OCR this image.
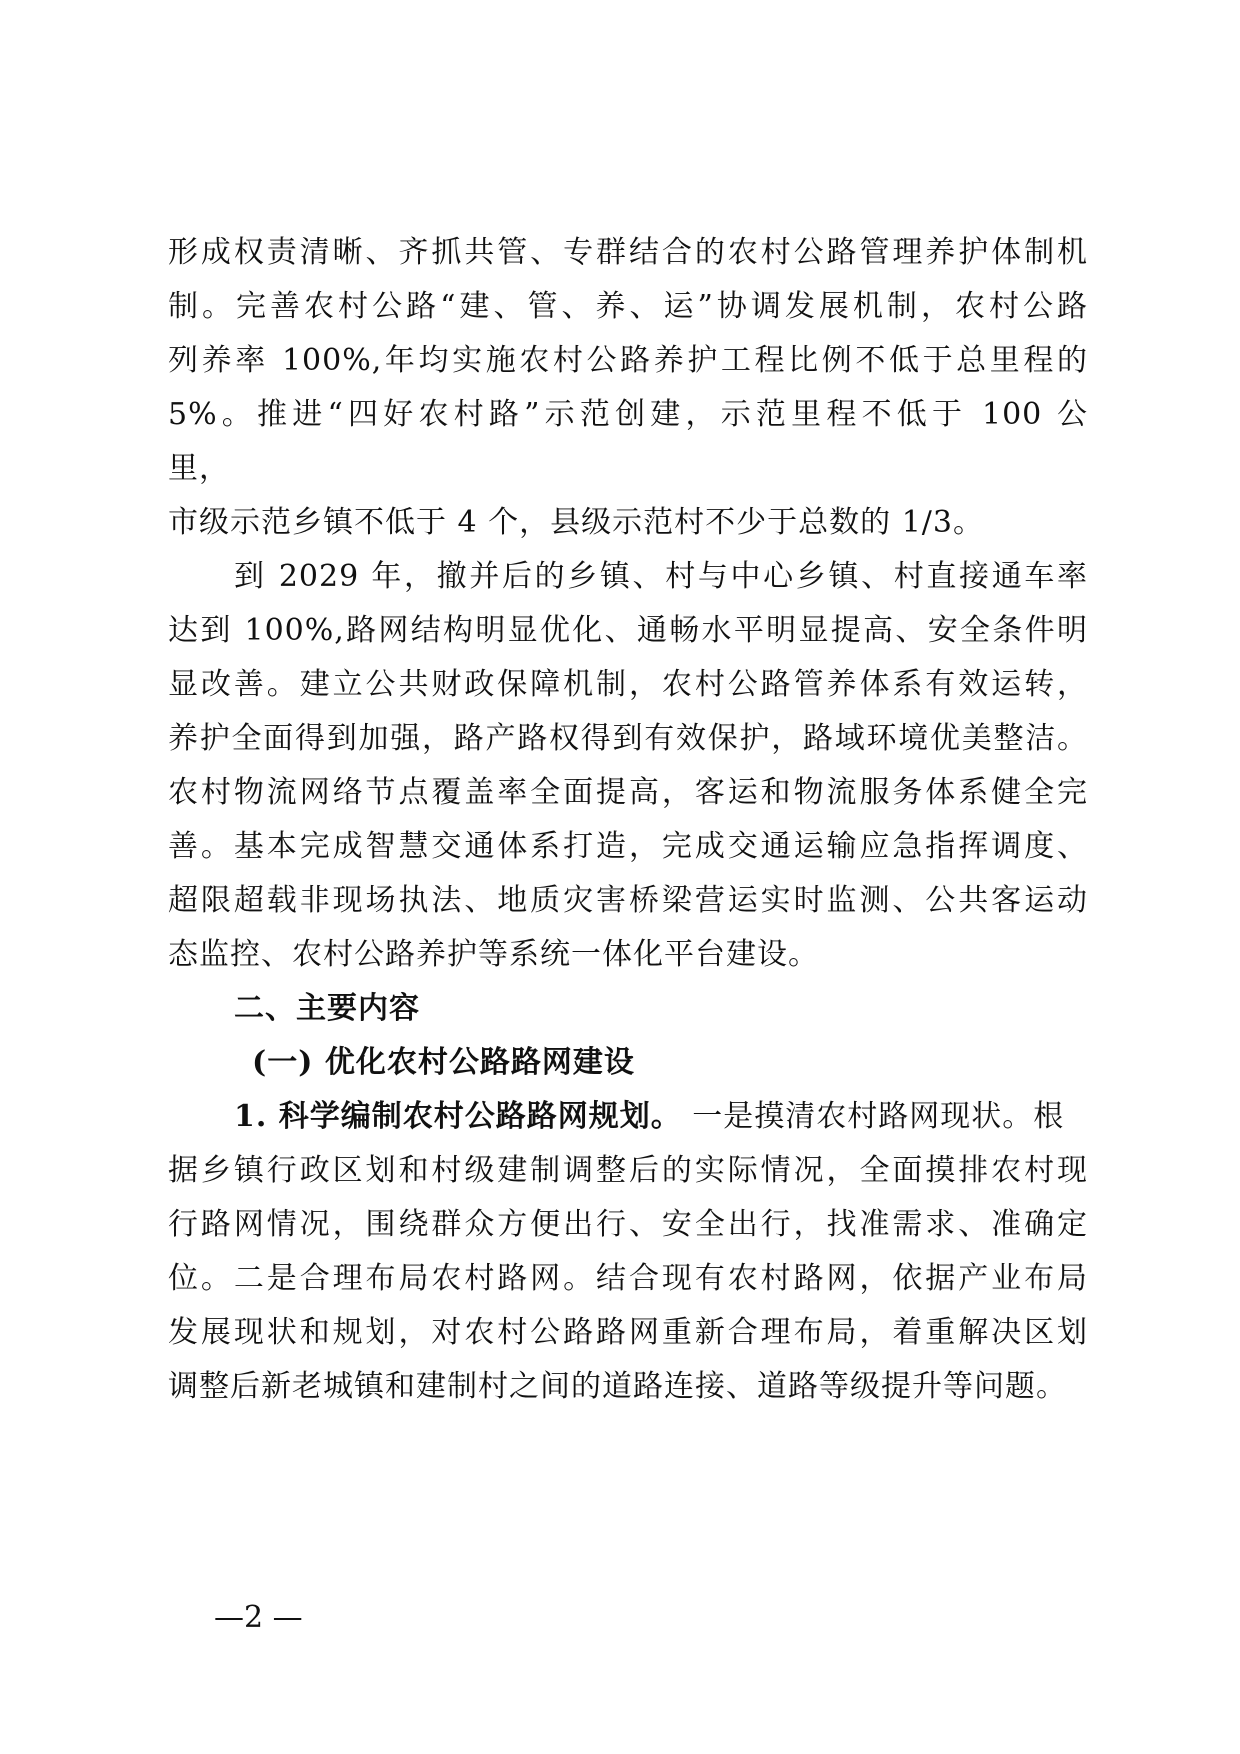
形成权责清晰、齐抓共管、专群结合的农村公路管理养护体制机
制。完善农村公路“建、管、养、运”协调发展机制，农村公路
列养率 100%,年均实施农村公路养护工程比例不低于总里程的
5%。推进“四好农村路”示范创建，示范里程不低于 100 公
里，
市级示范乡镇不低于 4 个，县级示范村不少于总数的 1/3。
到 2029 年，撤并后的乡镇、村与中心乡镇、村直接通车率
达到 100%,路网结构明显优化、通畅水平明显提高、安全条件明
显改善。建立公共财政保障机制，农村公路管养体系有效运转，
养护全面得到加强，路产路权得到有效保护，路域环境优美整洁。
农村物流网络节点覆盖率全面提高，客运和物流服务体系健全完
善。基本完成智慧交通体系打造，完成交通运输应急指挥调度、
超限超载非现场执法、地质灾害桥梁营运实时监测、公共客运动
态监控、农村公路养护等系统一体化平台建设。
二、主要内容
(一) 优化农村公路路网建设
1. 科学编制农村公路路网规划。 一是摸清农村路网现状。根
据乡镇行政区划和村级建制调整后的实际情况，全面摸排农村现
行路网情况，围绕群众方便出行、安全出行，找准需求、准确定
位。二是合理布局农村路网。结合现有农村路网，依据产业布局
发展现状和规划，对农村公路路网重新合理布局，着重解决区划
调整后新老城镇和建制村之间的道路连接、道路等级提升等问题。
—2 —
